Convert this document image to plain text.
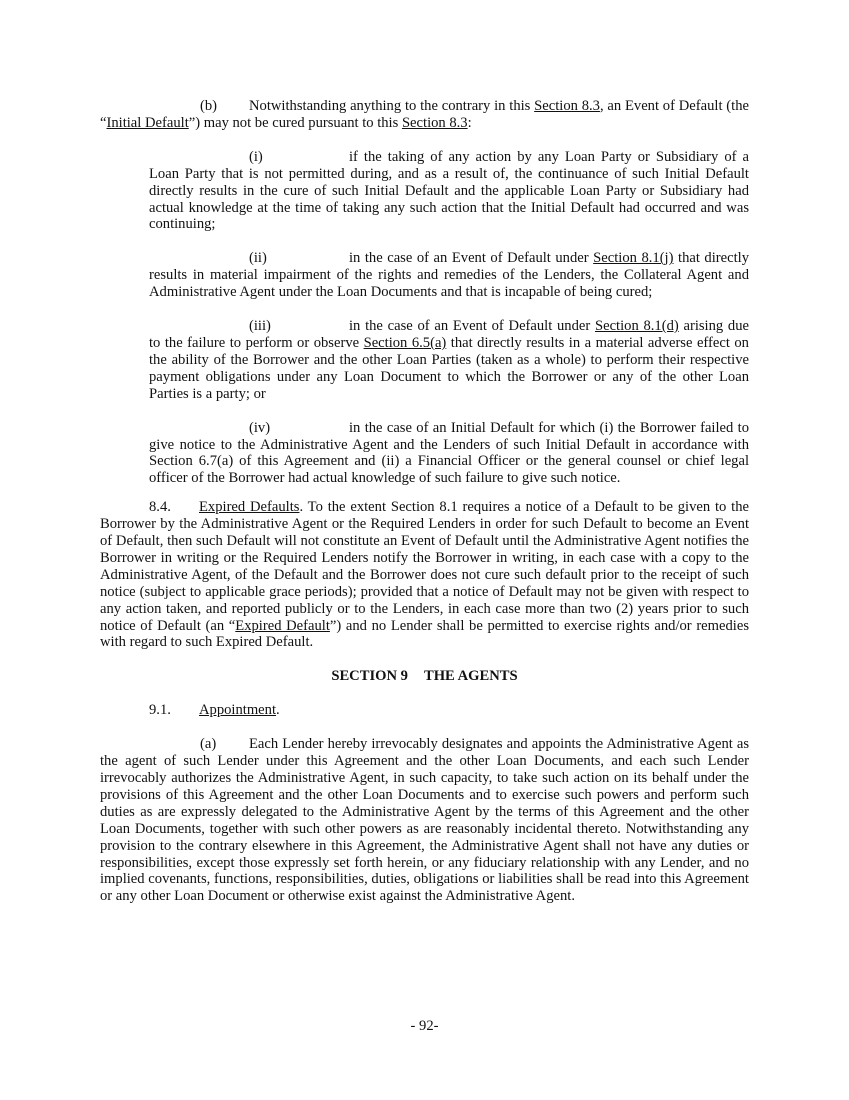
(b) Notwithstanding anything to the contrary in this Section 8.3, an Event of Default (the “Initial Default”) may not be cured pursuant to this Section 8.3:

(i)	if the taking of any action by any Loan Party or Subsidiary of a Loan Party that is not permitted during, and as a result of, the continuance of such Initial Default directly results in the cure of such Initial Default and the applicable Loan Party or Subsidiary had actual knowledge at the time of taking any such action that the Initial Default had occurred and was continuing;

(ii)	in the case of an Event of Default under Section 8.1(j) that directly results in material impairment of the rights and remedies of the Lenders, the Collateral Agent and Administrative Agent under the Loan Documents and that is incapable of being cured;

(iii)	in the case of an Event of Default under Section 8.1(d) arising due to the failure to perform or observe Section 6.5(a) that directly results in a material adverse effect on the ability of the Borrower and the other Loan Parties (taken as a whole) to perform their respective payment obligations under any Loan Document to which the Borrower or any of the other Loan Parties is a party; or

(iv)	in the case of an Initial Default for which (i) the Borrower failed to give notice to the Administrative Agent and the Lenders of such Initial Default in accordance with Section 6.7(a) of this Agreement and (ii) a Financial Officer or the general counsel or chief legal officer of the Borrower had actual knowledge of such failure to give such notice.

8.4. Expired Defaults. To the extent Section 8.1 requires a notice of a Default to be given to the Borrower by the Administrative Agent or the Required Lenders in order for such Default to become an Event of Default, then such Default will not constitute an Event of Default until the Administrative Agent notifies the Borrower in writing or the Required Lenders notify the Borrower in writing, in each case with a copy to the Administrative Agent, of the Default and the Borrower does not cure such default prior to the receipt of such notice (subject to applicable grace periods); provided that a notice of Default may not be given with respect to any action taken, and reported publicly or to the Lenders, in each case more than two (2) years prior to such notice of Default (an “Expired Default”) and no Lender shall be permitted to exercise rights and/or remedies with regard to such Expired Default.

SECTION 9 THE AGENTS

9.1. Appointment.

(a) Each Lender hereby irrevocably designates and appoints the Administrative Agent as the agent of such Lender under this Agreement and the other Loan Documents, and each such Lender irrevocably authorizes the Administrative Agent, in such capacity, to take such action on its behalf under the provisions of this Agreement and the other Loan Documents and to exercise such powers and perform such duties as are expressly delegated to the Administrative Agent by the terms of this Agreement and the other Loan Documents, together with such other powers as are reasonably incidental thereto. Notwithstanding any provision to the contrary elsewhere in this Agreement, the Administrative Agent shall not have any duties or responsibilities, except those expressly set forth herein, or any fiduciary relationship with any Lender, and no implied covenants, functions, responsibilities, duties, obligations or liabilities shall be read into this Agreement or any other Loan Document or otherwise exist against the Administrative Agent.

- 92-
